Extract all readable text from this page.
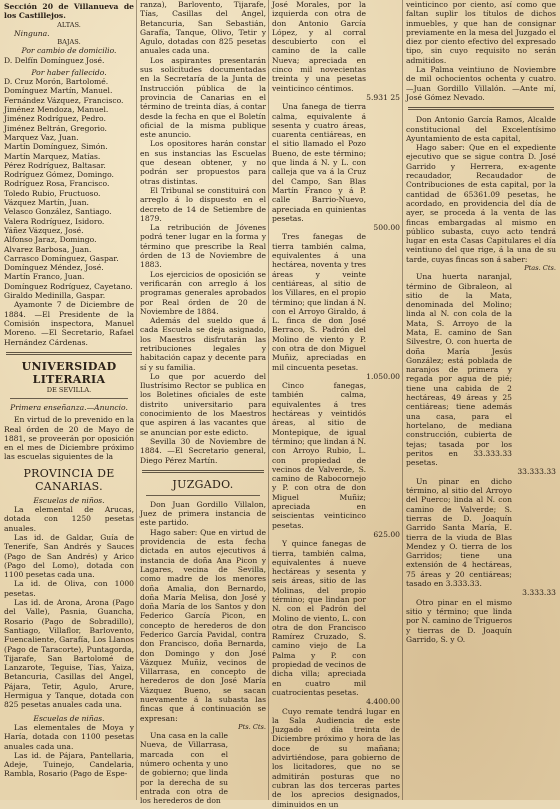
Sección 20 de Villanueva de los Castillejos.

ALTAS.

Ninguna.

BAJAS.

Por cambio de domicilio.

D. Delfín Domínguez José.

Por haber fallecido.

D. Cruz Morón, Bartolomé.

Domínguez Martín, Manuel.

Fernández Vázquez, Francisco.

Jiménez Mendoza, Manuel.

Jiménez Rodríguez, Pedro.

Jiménez Beltrán, Gregorio.

Marquez Vaz, Juan.

Martín Domínguez, Simón.

Martín Marquez, Matías.

Pérez Rodríguez, Baltasar.

Rodríguez Gómez, Domingo.

Rodríguez Rosa, Francisco.

Toledo Rubio, Fructuoso.

Vázquez Martín, Juan.

Velasco González, Santiago.

Valera Rodríguez, Isidoro.

Yáñez Vázquez, José.

Alfonso Jaraz, Domingo.

Alvarez Barbosa, Juan.

Carrasco Domínguez, Gaspar.

Domínguez Méndez, José.

Martín Franco, Juan.

Domínguez Rodríguez, Cayetano.

Giraldo Medinilla, Gaspar.

Ayamonte 7 de Diciembre de 1884. —El Presidente de la Comisión inspectora, Manuel Moreno. —El Secretario, Rafael Hernández Cárdenas.

UNIVERSIDAD LITERARIA

DE SEVILLA.

Primera enseñanza.—Anuncio.

En virtud de lo prevenido en la Real órden de 20 de Mayo de 1881, se proveerán por oposición en el mes de Diciembre próximo las escuelas siguientes de la

PROVINCIA DE CANARIAS.

Escuelas de niños.

La elemental de Arucas, dotada con 1250 pesetas anuales.

Las id. de Galdar, Guía de Tenerife, San Andrés y Sauces (Pago de San Andrés) y Arico (Pago del Lomo), dotada con 1100 pesetas cada una.

La id. de Oliva, con 1000 pesetas.

Las id. de Arona, Arona (Pago del Valle), Pasnia, Guancha, Rosario (Pago de Sobradillo), Santiago, Villaflor, Barlovento, Fuencaliente, Garafía, Los Llanos (Pago de Taracorte), Puntagorda, Tijarafe, San Bartolomé de Lanzarote, Teguise, Tías, Yaiza, Betancuria, Casillas del Angel, Pájara, Tetir, Agulo, Arure, Hermigua y Tanque, dotada con 825 pesetas anuales cada una.

Escuelas de niñas.

Las elementales de Moya y Haría, dotada con 1100 pesetas anuales cada una.

Las id. de Pájara, Pantellaria, Adeje, Tuinejo, Candelaria, Rambla, Rosario (Pago de Espe-

ranza), Barlovento, Tijarafe, Tías, Casillas del Angel, Betancuria, San Sebastián, Garafía, Tanque, Olivo, Tetir y Agulo, dotadas con 825 pesetas anuales cada una.

Los aspirantes presentarán sus solicitudes documentadas en la Secretaría de la Junta de Instrucción pública de la provincia de Canarias en el término de treinta días, á contar desde la fecha en que el Boletín oficial de la misma publique este anuncio.

Los opositores harán constar en sus instancias las Escuelas que desean obtener, y no podrán ser propuestos para otras distintas.

El Tribunal se constituirá con arreglo á lo dispuesto en el decreto de 14 de Setiembre de 1879.

La retribución de Jóvenes podrá tener lugar en la forma y término que prescribe la Real órden de 13 de Noviembre de 1883.

Los ejercicios de oposición se verificarán con arreglo á los programas generales aprobados por Real órden de 20 de Noviembre de 1884.

Además del sueldo que á cada Escuela se deja asignado, los Maestros disfrutarán las retribuciones legales y habitación capaz y decente para sí y su familia.

Lo que por acuerdo del Ilustrísimo Rector se publica en los Boletines oficiales de este distrito universitario para conocimiento de los Maestros que aspiren á las vacantes que se anuncian por este edicto.

Sevilla 30 de Noviembre de 1884. —El Secretario general, Diego Pérez Martín.

JUZGADO.

Don Juan Gordillo Villalon, Juez de primera instancia de este partido.

Hago saber: Que en virtud de providencia de esta fecha dictada en autos ejecutivos á instancia de doña Ana Picon y Lagares, vecina de Sevilla, como madre de los menores doña Amalia, don Bernardo, doña María Melisa, don José y doña María de los Santos y don Federico García Picon, en concepto de herederos de don Federico García Pavidal, contra don Francisco, doña Bernarda, don Domingo y don José Vázquez Muñiz, vecinos de Villarrasa, en concepto de herederos de don José María Vázquez Bueno, se sacan nuevamente á la subasta las fincas que á continuación se expresan:

Pts. Cts.

Una casa en la calle Nueva, de Villarrasa, marcada con el número ochenta y uno de gobierno; que linda por la derecha de su entrada con otra de los herederos de don

José Morales, por la izquierda con otra de don Antonio García López, y al corral descubierto con el camino de la calle Nueva; apreciada en cinco mil novecientas treinta y una pesetas veinticinco céntimos.

5.931 25

Una fanega de tierra calma, equivalente á sesenta y cuatro áreas, cuarenta centiáreas, en el sitio llamado el Pozo Bueno, de este término; que linda á N. y L. con calleja que va á la Cruz del Campo, San Blas Martín Franco y á P. calle Barrio-Nuevo, apreciada en quinientas pesetas.

500.00

Tres fanegas de tierra también calma, equivalentes á una hectárea, noventa y tres áreas y veinte centiáreas, al sitio de los Villares, en el propio término; que lindan á N. con el Arroyo Giraldo, á L. finca de don José Berraco, S. Padrón del Molino de viento y P. con otra de don Miguel Muñiz, apreciadas en mil cincuenta pesetas.

1.050.00

Cinco fanegas, también calma, equivalentes á tres hectáreas y veintidós áreas, al sitio de Montepique, de igual término; que lindan á N. con Arroyo Rubio, L. con propiedad de vecinos de Valverde, S. camino de Rabocornejo y P. con otra de don Miguel Muñiz; apreciada en seiscientas veinticinco pesetas.

625.00

Y quince fanegas de tierra, también calma, equivalentes á nueve hectáreas y sesenta y seis áreas, sitio de las Molinas, del propio término; que lindan por N. con el Padrón del Molino de viento, L. con otra de don Francisco Ramírez Cruzado, S. camino viejo de La Palma y P. con propiedad de vecinos de dicha villa; apreciada en cuatro mil cuatrocientas pesetas.

4.400.00

Cuyo remate tendrá lugar en la Sala Audiencia de este Juzgado el día treinta de Diciembre próximo y hora de las doce de su mañana; advirtiéndose, para gobierno de los licitadores, que no se admitirán posturas que no cubran las dos terceras partes de los aprecios designados, diminuidos en un

veinticinco por ciento, así como que faltan suplir los títulos de dichos inmuebles, y que han de consignar previamente en la mesa del Juzgado el diez por ciento efectivo del expresado tipo, sin cuyo requisito no serán admitidos.

La Palma veintiuno de Noviembre de mil ochocientos ochenta y cuatro. —Juan Gordillo Villalón. —Ante mí, José Gómez Nevado.

Don Antonio García Ramos, Alcalde constitucional del Excelentísimo Ayuntamiento de esta capital,

Hago saber: Que en el expediente ejecutivo que se sigue contra D. José Garrido y Herrera, ex-agente recaudador, Recaudador de Contribuciones de esta capital, por la cantidad de 65361.09 pesetas, he acordado, en providencia del día de ayer, se proceda á la venta de las fincas embargadas al mismo en público subasta, cuyo acto tendrá lugar en esta Casas Capitulares el día veintiuno del que rige, á la una de su tarde, cuyas fincas son á saber:

Ptas. Cts.

Una huerta naranjal, término de Gibraleon, al sitio de la Mata, denominada del Molino; linda al N. con cola de la Mata, S. Arroyo de la Mata, E. camino de San Silvestre, O. con huerta de doña María Jesús González; está poblada de naranjos de primera y regada por agua de pié; tiene una cabida de 2 hectáreas, 49 áreas y 25 centiáreas; tiene además una casa, para el hortelano, de mediana construcción, cubierta de tejas; tasada por los peritos en 33.333.33 pesetas.

33.333.33

Un pinar en dicho término, al sitio del Arroyo del Puerco; linda al N. con camino de Valverde; S. tierras de D. Joaquín Garrido Santa María, E. tierra de la viuda de Blas Mendez y O. tierra de los Garridos; tiene una extensión de 4 hectáreas, 75 áreas y 20 centiáreas; tasado en 3.333.33.

3.333.33

Otro pinar en el mismo sitio y término; que linda por N. camino de Trigueros y tierras de D. Joaquín Garrido, S. y O.
